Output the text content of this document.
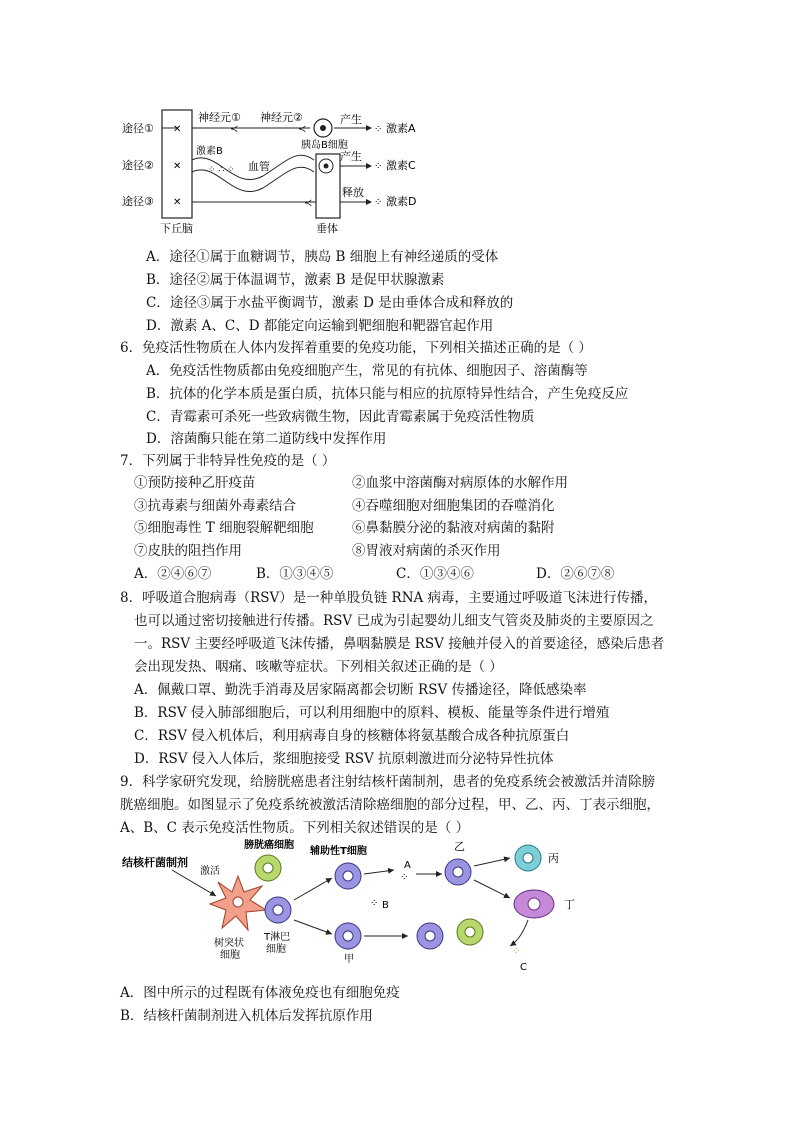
途径①
途径②
途径③
✕	≺	≺
神经元① 神经元②
胰岛B细胞
产生
⁘ 激素A
✕
激素B
⁘ ∴ ⁘ 血管
产生
⁘ 激素C
✕	≺
释放
⁘ 激素D
下丘脑	垂体
A．途径①属于血糖调节，胰岛 B 细胞上有神经递质的受体
B．途径②属于体温调节，激素 B 是促甲状腺激素
C．途径③属于水盐平衡调节，激素 D 是由垂体合成和释放的
D．激素 A、C、D 都能定向运输到靶细胞和靶器官起作用
6．免疫活性物质在人体内发挥着重要的免疫功能，下列相关描述正确的是（ ）
A．免疫活性物质都由免疫细胞产生，常见的有抗体、细胞因子、溶菌酶等
B．抗体的化学本质是蛋白质，抗体只能与相应的抗原特异性结合，产生免疫反应
C．青霉素可杀死一些致病微生物，因此青霉素属于免疫活性物质
D．溶菌酶只能在第二道防线中发挥作用
7．下列属于非特异性免疫的是（ ）
①预防接种乙肝疫苗	②血浆中溶菌酶对病原体的水解作用
③抗毒素与细菌外毒素结合	④吞噬细胞对细胞集团的吞噬消化
⑤细胞毒性 T 细胞裂解靶细胞	⑥鼻黏膜分泌的黏液对病菌的黏附
⑦皮肤的阻挡作用	⑧胃液对病菌的杀灭作用
A．②④⑥⑦	B．①③④⑤	C．①③④⑥	D．②⑥⑦⑧
8．呼吸道合胞病毒（RSV）是一种单股负链 RNA 病毒，主要通过呼吸道飞沫进行传播，
也可以通过密切接触进行传播。RSV 已成为引起婴幼儿细支气管炎及肺炎的主要原因之
一。RSV 主要经呼吸道飞沫传播，鼻咽黏膜是 RSV 接触并侵入的首要途径，感染后患者
会出现发热、咽痛、咳嗽等症状。下列相关叙述正确的是（ ）
A．佩戴口罩、勤洗手消毒及居家隔离都会切断 RSV 传播途径，降低感染率
B．RSV 侵入肺部细胞后，可以利用细胞中的原料、模板、能量等条件进行增殖
C．RSV 侵入机体后，利用病毒自身的核糖体将氨基酸合成各种抗原蛋白
D．RSV 侵入人体后，浆细胞接受 RSV 抗原刺激进而分泌特异性抗体
9．科学家研究发现，给膀胱癌患者注射结核杆菌制剂，患者的免疫系统会被激活并清除膀
胱癌细胞。如图显示了免疫系统被激活清除癌细胞的部分过程，甲、乙、丙、丁表示细胞，
A、B、C 表示免疫活性物质。下列相关叙述错误的是（ ）
结核杆菌制剂
激活
树突状
细胞
膀胱癌细胞
T淋巴
细胞
辅助性T细胞
甲
⁘ B
A
⁘
乙
丙
丁
⁘
C
A．图中所示的过程既有体液免疫也有细胞免疫
B．结核杆菌制剂进入机体后发挥抗原作用
